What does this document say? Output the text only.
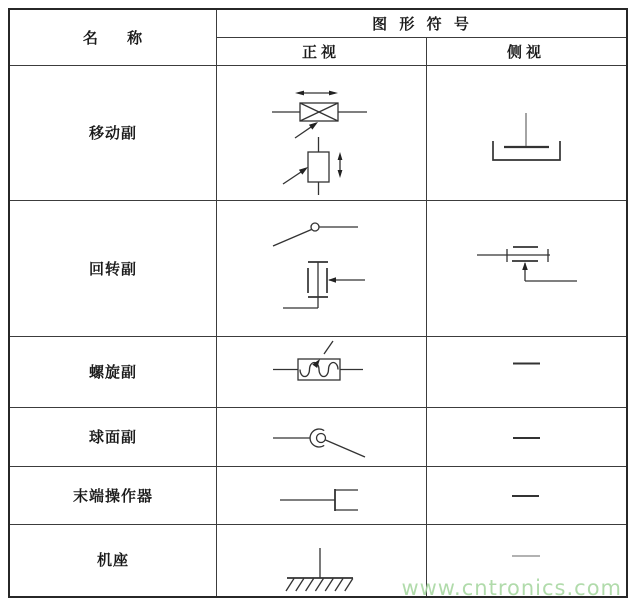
名 称
图 形 符 号
正视	侧视
移动副
回转副
螺旋副
球面副
末端操作器
机座
www.cntronics.com
